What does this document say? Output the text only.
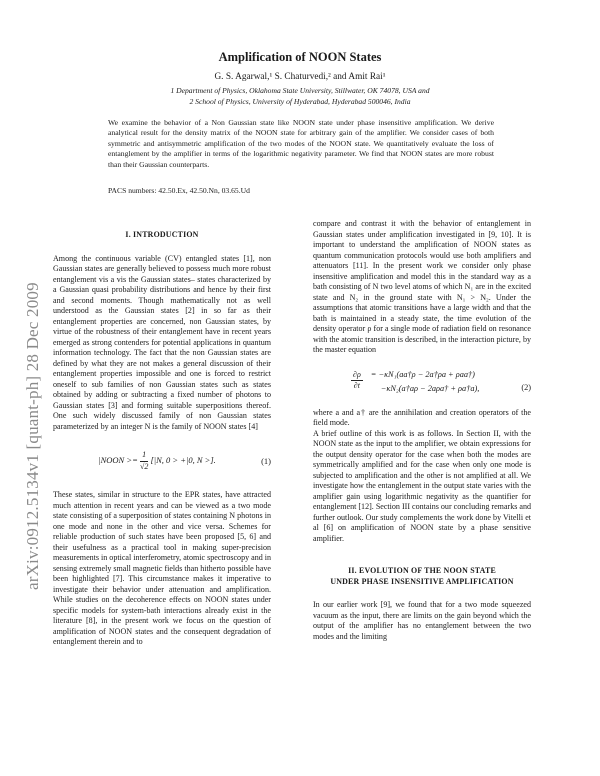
arXiv:0912.5134v1 [quant-ph] 28 Dec 2009
Amplification of NOON States
G. S. Agarwal,¹ S. Chaturvedi,² and Amit Rai¹
1 Department of Physics, Oklahoma State University, Stillwater, OK 74078, USA and
2 School of Physics, University of Hyderabad, Hyderabad 500046, India
We examine the behavior of a Non Gaussian state like NOON state under phase insensitive amplification. We derive analytical result for the density matrix of the NOON state for arbitrary gain of the amplifier. We consider cases of both symmetric and antisymmetric amplification of the two modes of the NOON state. We quantitatively evaluate the loss of entanglement by the amplifier in terms of the logarithmic negativity parameter. We find that NOON states are more robust than their Gaussian counterparts.
PACS numbers: 42.50.Ex, 42.50.Nn, 03.65.Ud
I. INTRODUCTION

Among the continuous variable (CV) entangled states [1], non Gaussian states are generally believed to possess much more robust entanglement vis a vis the Gaussian states– states characterized by a Gaussian quasi probability distributions and hence by their first and second moments. Though mathematically not as well understood as the Gaussian states [2] in so far as their entanglement properties are concerned, non Gaussian states, by virtue of the robustness of their entanglement have in recent years emerged as strong contenders for potential applications in quantum information technology. The fact that the non Gaussian states are defined by what they are not makes a general discussion of their entanglement properties impossible and one is forced to restrict oneself to sub families of non Gaussian states such as states obtained by adding or subtracting a fixed number of photons to Gaussian states [3] and forming suitable superpositions thereof. One such widely discussed family of non Gaussian states parameterized by an integer N is the family of NOON states [4]

|NOON >= $\frac{1}{√2} [|N$, 0 > +|0, N >].	(1)

These states, similar in structure to the EPR states, have attracted much attention in recent years and can be viewed as a two mode state consisting of a superposition of states containing N photons in one mode and none in the other and vice versa. Schemes for reliable production of such states have been proposed [5, 6] and their usefulness as a practical tool in making super-precision measurements in optical interferometry, atomic spectroscopy and in sensing extremely small magnetic fields than hitherto possible have been highlighted [7]. This circumstance makes it imperative to investigate their behavior under attenuation and amplification. While studies on the decoherence effects on NOON states under specific models for system-bath interactions already exist in the literature [8], in the present work we focus on the question of amplification of NOON states and the consequent degradation of entanglement therein and to

compare and contrast it with the behavior of entanglement in Gaussian states under amplification investigated in [9, 10]. It is important to understand the amplification of NOON states as quantum communication protocols would use both amplifiers and attenuators [11]. In the present work we consider only phase insensitive amplification and model this in the standard way as a bath consisting of N two level atoms of which N₁ are in the excited state and N₂ in the ground state with N₁ > N₂. Under the assumptions that atomic transitions have a large width and that the bath is maintained in a steady state, the time evolution of the density operator ρ for a single mode of radiation field on resonance with the atomic transition is described, in the interaction picture, by the master equation

$\frac{\partial\rho}{\partial t}$ = −κN₁(aa†ρ − 2a†ρa + ρaa†)
−κN₂(a†aρ − 2aρa† + ρa†a),	(2)

where a and a† are the annihilation and creation operators of the field mode.

A brief outline of this work is as follows. In Section II, with the NOON state as the input to the amplifier, we obtain expressions for the output density operator for the case when both the modes are symmetrically amplified and for the case when only one mode is subjected to amplification and the other is not amplified at all. We investigate how the entanglement in the output state varies with the amplifier gain using logarithmic negativity as the quantifier for entanglement [12]. Section III contains our concluding remarks and further outlook. Our study complements the work done by Vitelli et al [6] on amplification of NOON state by a phase sensitive amplifier.

II. EVOLUTION OF THE NOON STATE
UNDER PHASE INSENSITIVE AMPLIFICATION

In our earlier work [9], we found that for a two mode squeezed vacuum as the input, there are limits on the gain beyond which the output of the amplifier has no entanglement between the two modes and the limiting
